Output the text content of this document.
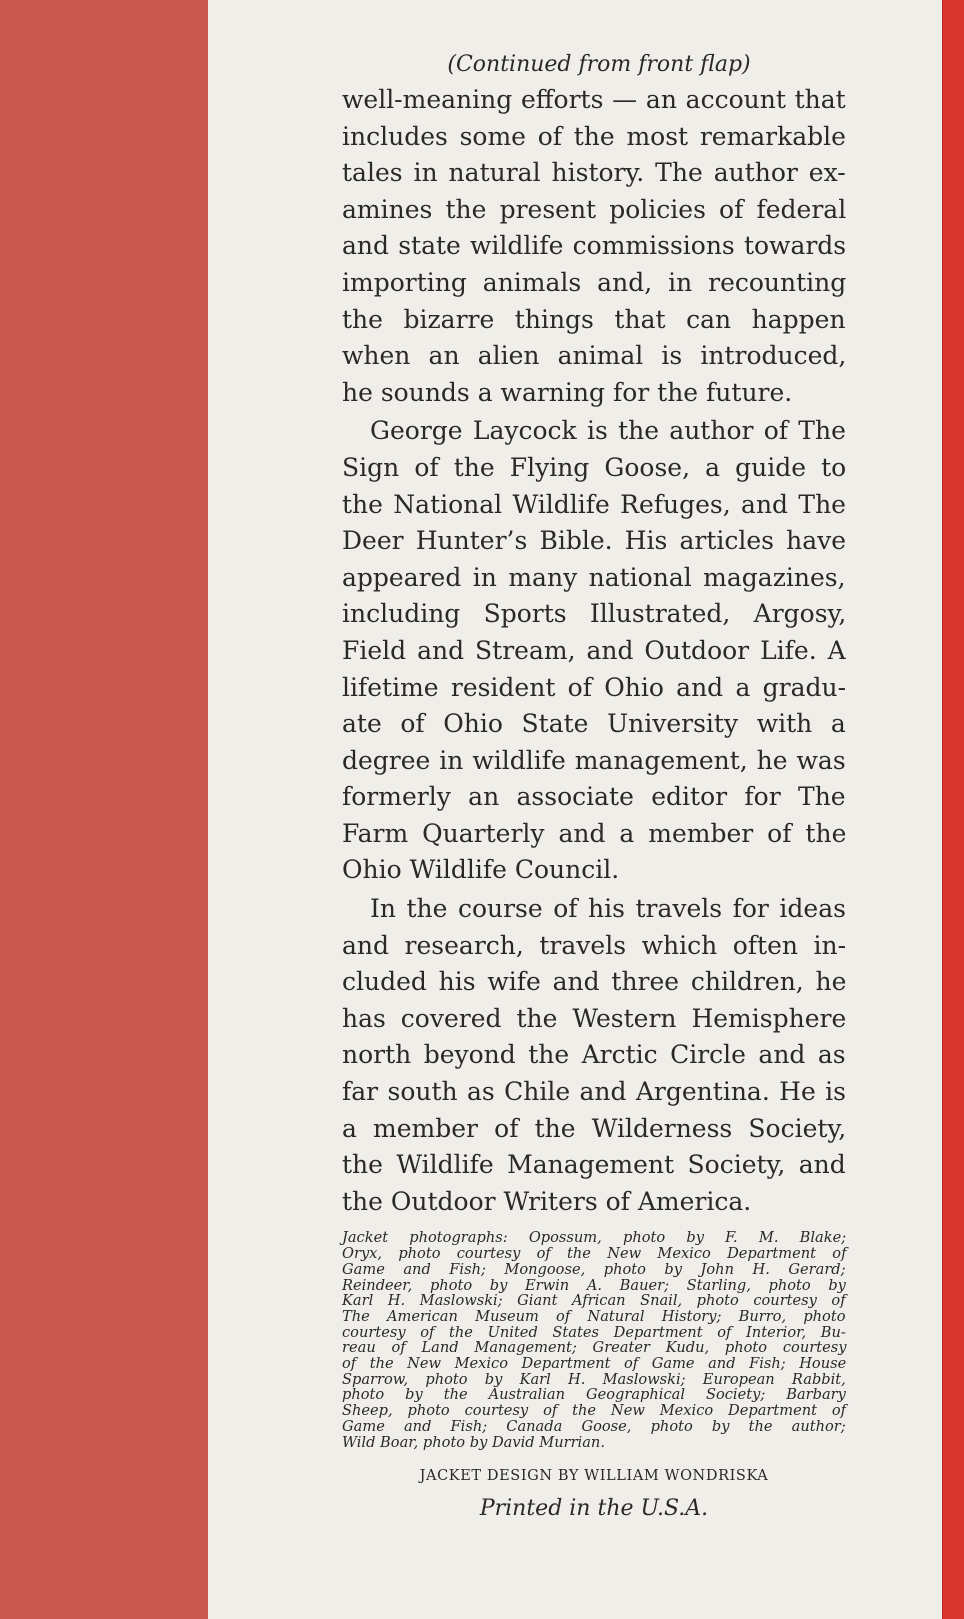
(Continued from front flap)

well-meaning efforts — an account that
includes some of the most remarkable
tales in natural history. The author ex-
amines the present policies of federal
and state wildlife commissions towards
importing animals and, in recounting
the bizarre things that can happen
when an alien animal is introduced,
he sounds a warning for the future.

George Laycock is the author of The
Sign of the Flying Goose, a guide to
the National Wildlife Refuges, and The
Deer Hunter’s Bible. His articles have
appeared in many national magazines,
including Sports Illustrated, Argosy,
Field and Stream, and Outdoor Life. A
lifetime resident of Ohio and a gradu-
ate of Ohio State University with a
degree in wildlife management, he was
formerly an associate editor for The
Farm Quarterly and a member of the
Ohio Wildlife Council.

In the course of his travels for ideas
and research, travels which often in-
cluded his wife and three children, he
has covered the Western Hemisphere
north beyond the Arctic Circle and as
far south as Chile and Argentina. He is
a member of the Wilderness Society,
the Wildlife Management Society, and
the Outdoor Writers of America.

Jacket photographs: Opossum, photo by F. M. Blake;
Oryx, photo courtesy of the New Mexico Department of
Game and Fish; Mongoose, photo by John H. Gerard;
Reindeer, photo by Erwin A. Bauer; Starling, photo by
Karl H. Maslowski; Giant African Snail, photo courtesy of
The American Museum of Natural History; Burro, photo
courtesy of the United States Department of Interior, Bu-
reau of Land Management; Greater Kudu, photo courtesy
of the New Mexico Department of Game and Fish; House
Sparrow, photo by Karl H. Maslowski; European Rabbit,
photo by the Australian Geographical Society; Barbary
Sheep, photo courtesy of the New Mexico Department of
Game and Fish; Canada Goose, photo by the author;
Wild Boar, photo by David Murrian.
JACKET DESIGN BY WILLIAM WONDRISKA
Printed in the U.S.A.
